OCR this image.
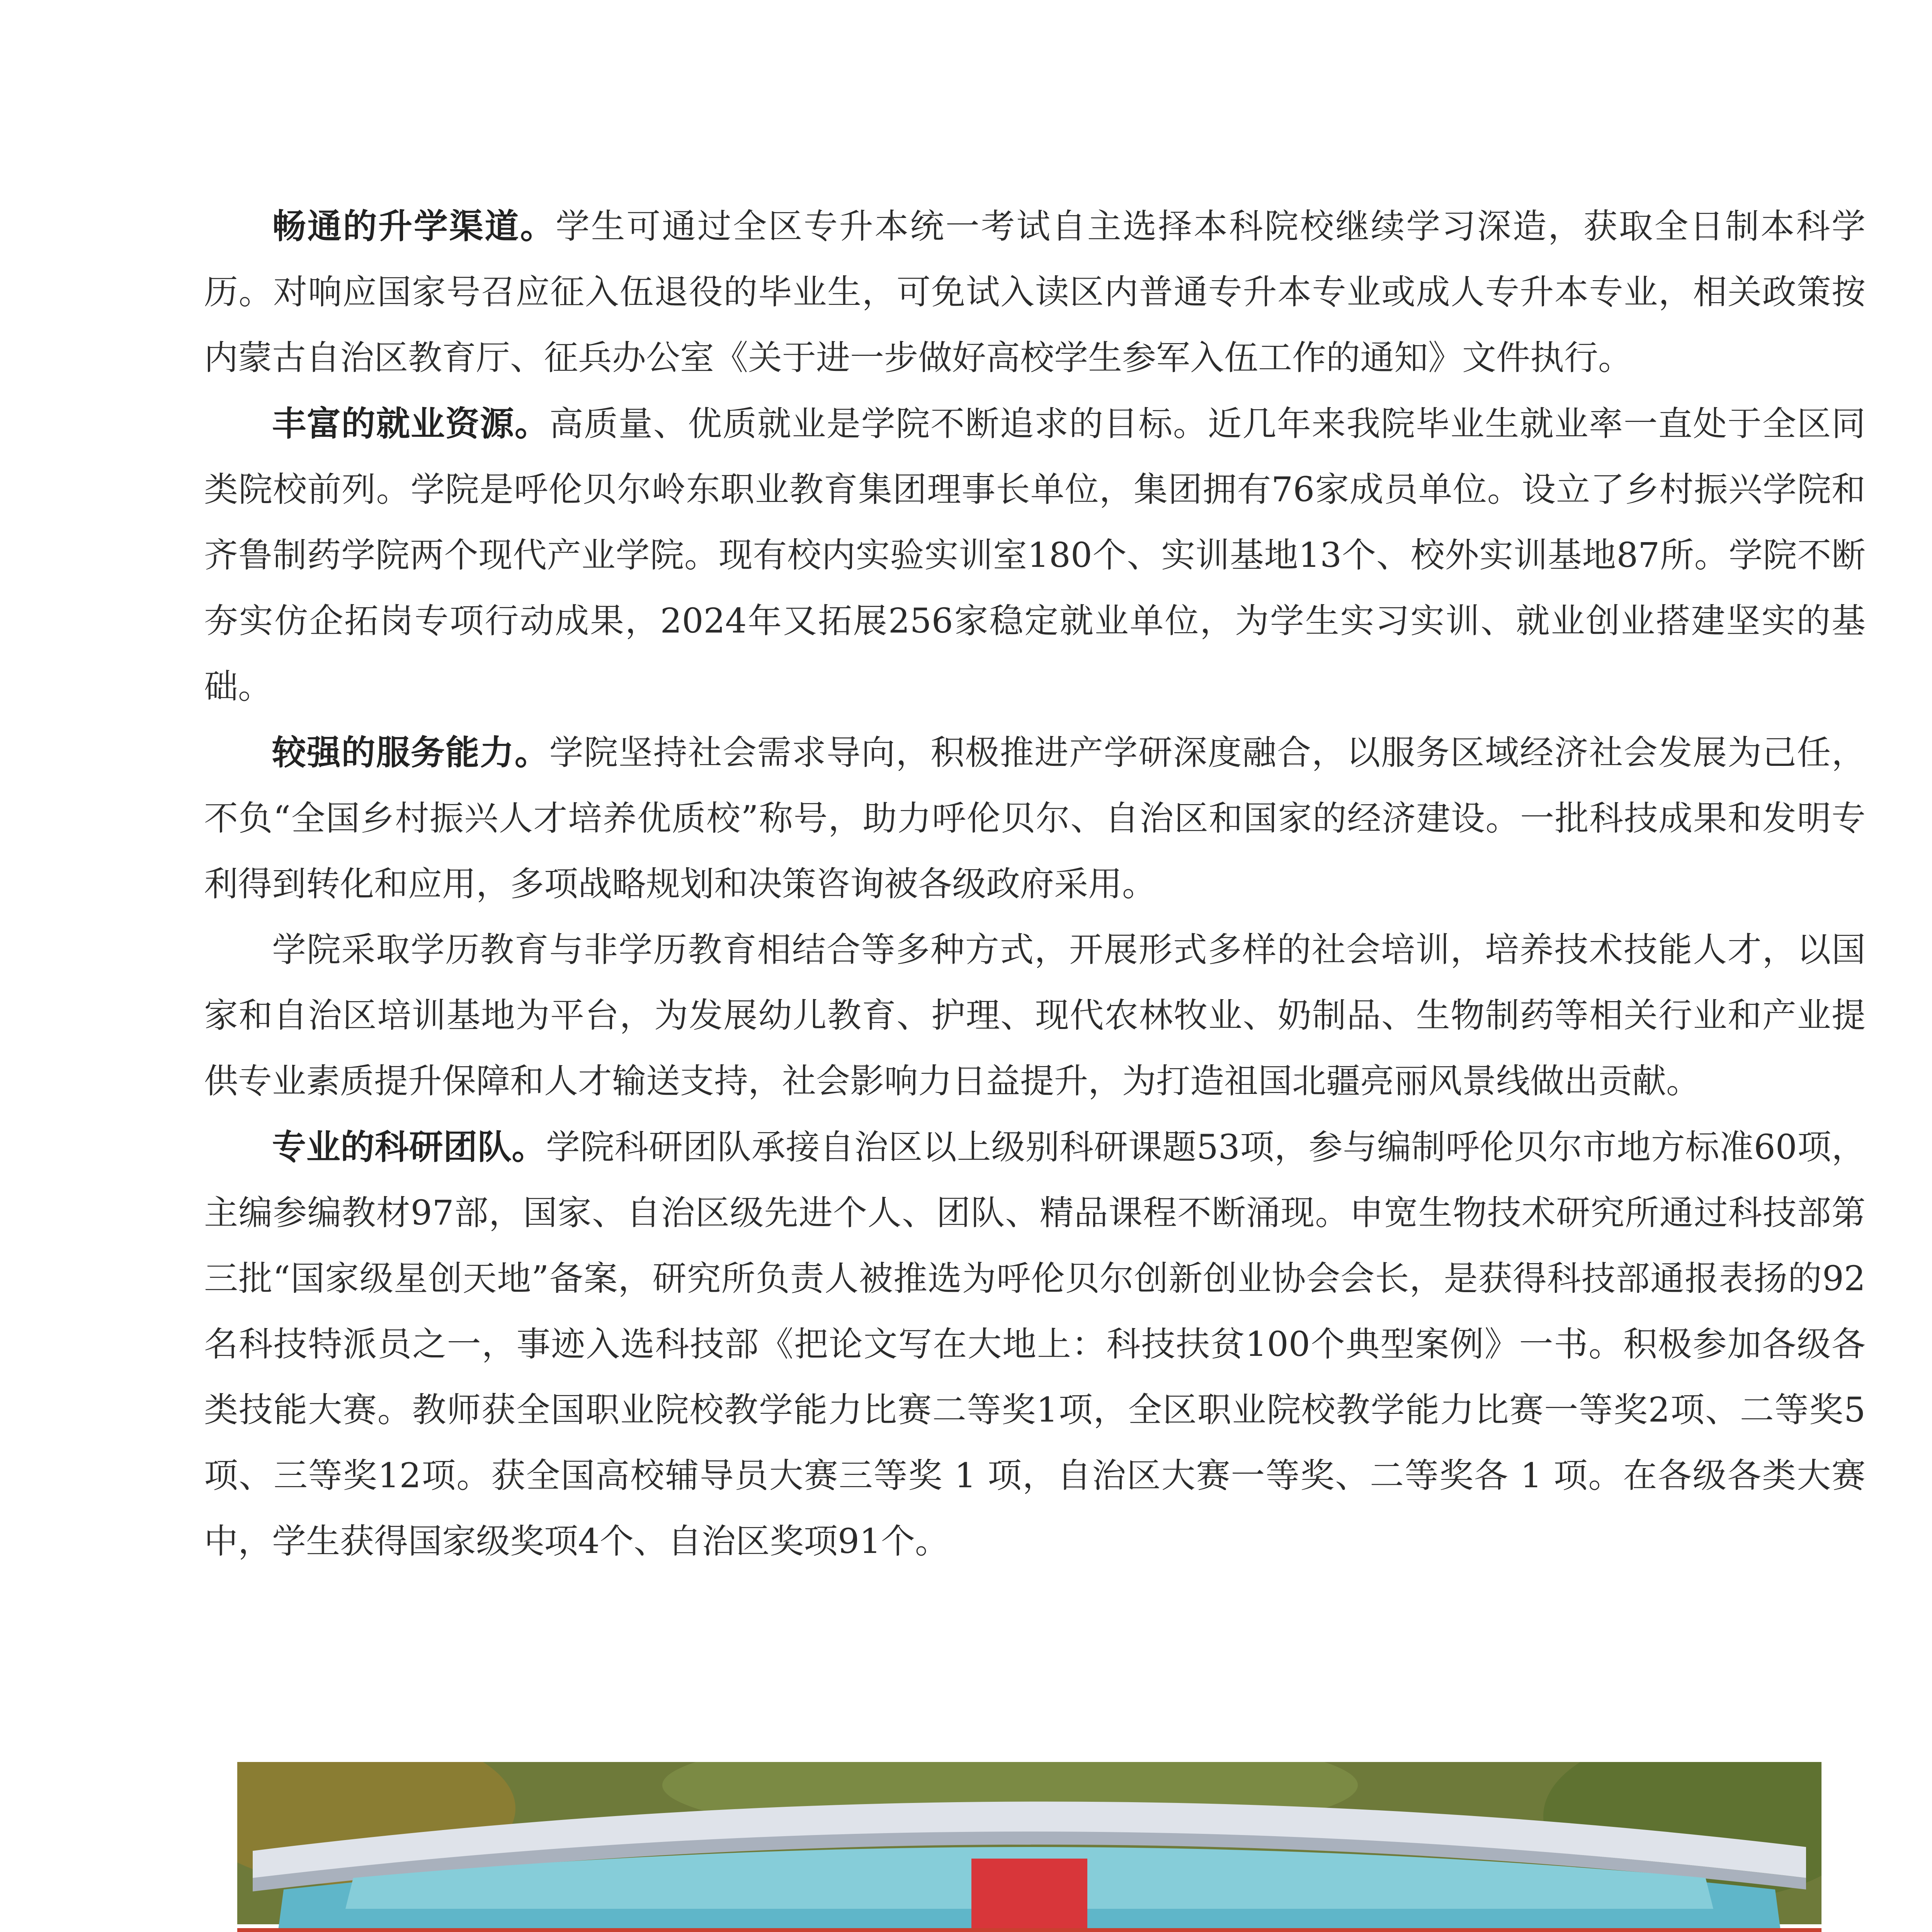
畅通的升学渠道。学生可通过全区专升本统一考试自主选择本科院校继续学习深造，获取全日制本科学历。对响应国家号召应征入伍退役的毕业生，可免试入读区内普通专升本专业或成人专升本专业，相关政策按内蒙古自治区教育厅、征兵办公室《关于进一步做好高校学生参军入伍工作的通知》文件执行。

丰富的就业资源。高质量、优质就业是学院不断追求的目标。近几年来我院毕业生就业率一直处于全区同类院校前列。学院是呼伦贝尔岭东职业教育集团理事长单位，集团拥有76家成员单位。设立了乡村振兴学院和齐鲁制药学院两个现代产业学院。现有校内实验实训室180个、实训基地13个、校外实训基地87所。学院不断夯实仿企拓岗专项行动成果，2024年又拓展256家稳定就业单位，为学生实习实训、就业创业搭建坚实的基础。

较强的服务能力。学院坚持社会需求导向，积极推进产学研深度融合，以服务区域经济社会发展为己任，不负“全国乡村振兴人才培养优质校”称号，助力呼伦贝尔、自治区和国家的经济建设。一批科技成果和发明专利得到转化和应用，多项战略规划和决策咨询被各级政府采用。

学院采取学历教育与非学历教育相结合等多种方式，开展形式多样的社会培训，培养技术技能人才，以国家和自治区培训基地为平台，为发展幼儿教育、护理、现代农林牧业、奶制品、生物制药等相关行业和产业提供专业素质提升保障和人才输送支持，社会影响力日益提升，为打造祖国北疆亮丽风景线做出贡献。

专业的科研团队。学院科研团队承接自治区以上级别科研课题53项，参与编制呼伦贝尔市地方标准60项，主编参编教材97部，国家、自治区级先进个人、团队、精品课程不断涌现。申宽生物技术研究所通过科技部第三批“国家级星创天地”备案，研究所负责人被推选为呼伦贝尔创新创业协会会长，是获得科技部通报表扬的92名科技特派员之一，事迹入选科技部《把论文写在大地上：科技扶贫100个典型案例》一书。积极参加各级各类技能大赛。教师获全国职业院校教学能力比赛二等奖1项，全区职业院校教学能力比赛一等奖2项、二等奖5项、三等奖12项。获全国高校辅导员大赛三等奖 1 项，自治区大赛一等奖、二等奖各 1 项。在各级各类大赛中，学生获得国家级奖项4个、自治区奖项91个。
